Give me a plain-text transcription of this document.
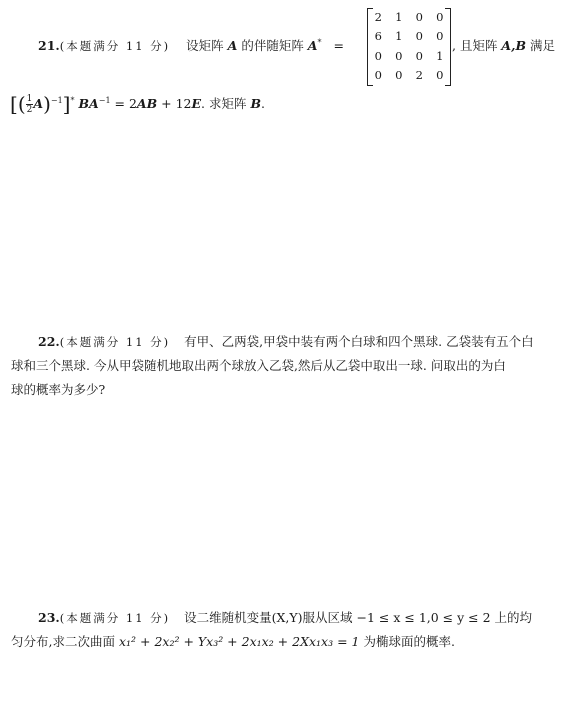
21.(本题满分 11 分) 设矩阵 A 的伴随矩阵 A* =
2	1	0	0
6	1	0	0
0	0	0	1
0	0	2	0
, 且矩阵 A,B 满足
[( $\frac{1}{2} A)^{-1}]^*$ $BA^{-1} = 2AB + 12E$. 求矩阵 B.
22.(本题满分 11 分) 有甲、乙两袋,甲袋中装有两个白球和四个黑球. 乙袋装有五个白
球和三个黑球. 今从甲袋随机地取出两个球放入乙袋,然后从乙袋中取出一球. 问取出的为白
球的概率为多少?
23.(本题满分 11 分) 设二维随机变量(X,Y)服从区域 −1 ≤ x ≤ 1,0 ≤ y ≤ 2 上的均
匀分布,求二次曲面 x₁² + 2x₂² + Yx₃² + 2x₁x₂ + 2Xx₁x₃ = 1 为椭球面的概率.
